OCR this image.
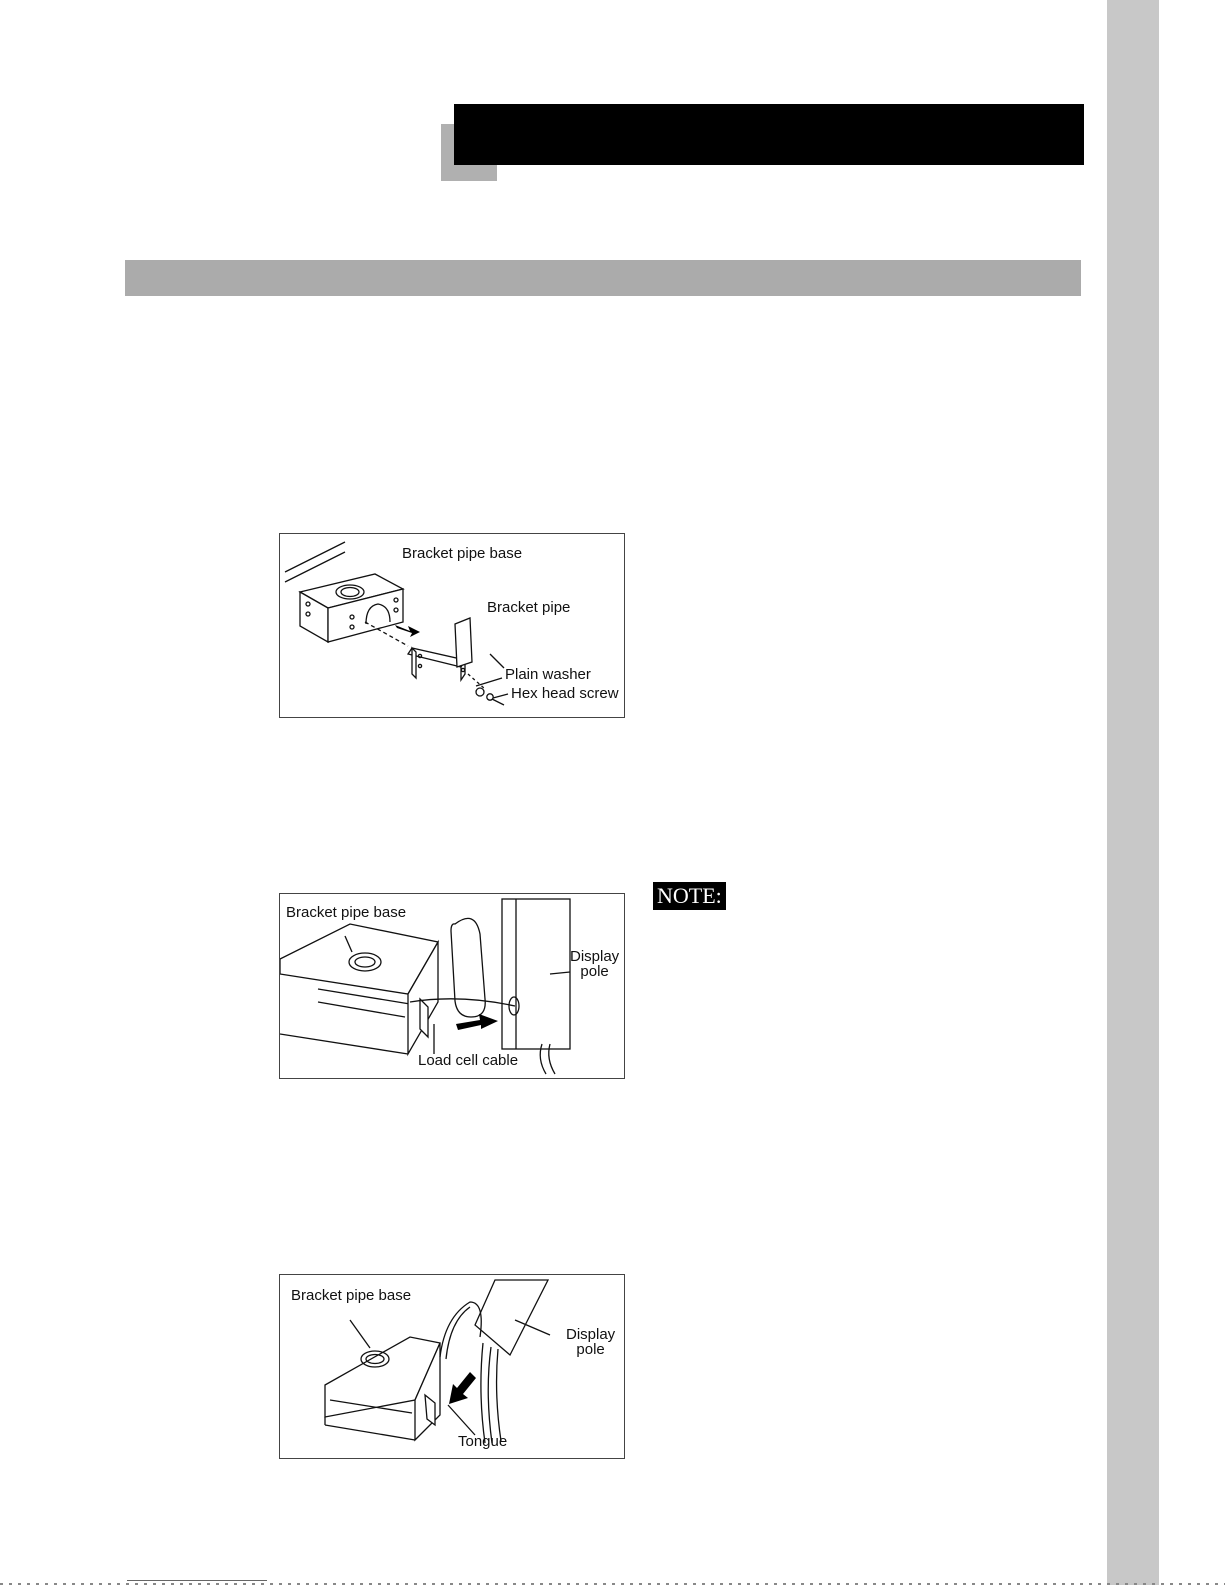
Bracket pipe base
Bracket pipe
Plain washer
Hex head screw
Bracket pipe base
Display
pole
Load cell cable
NOTE:
Bracket pipe base
Display
pole
Tongue
